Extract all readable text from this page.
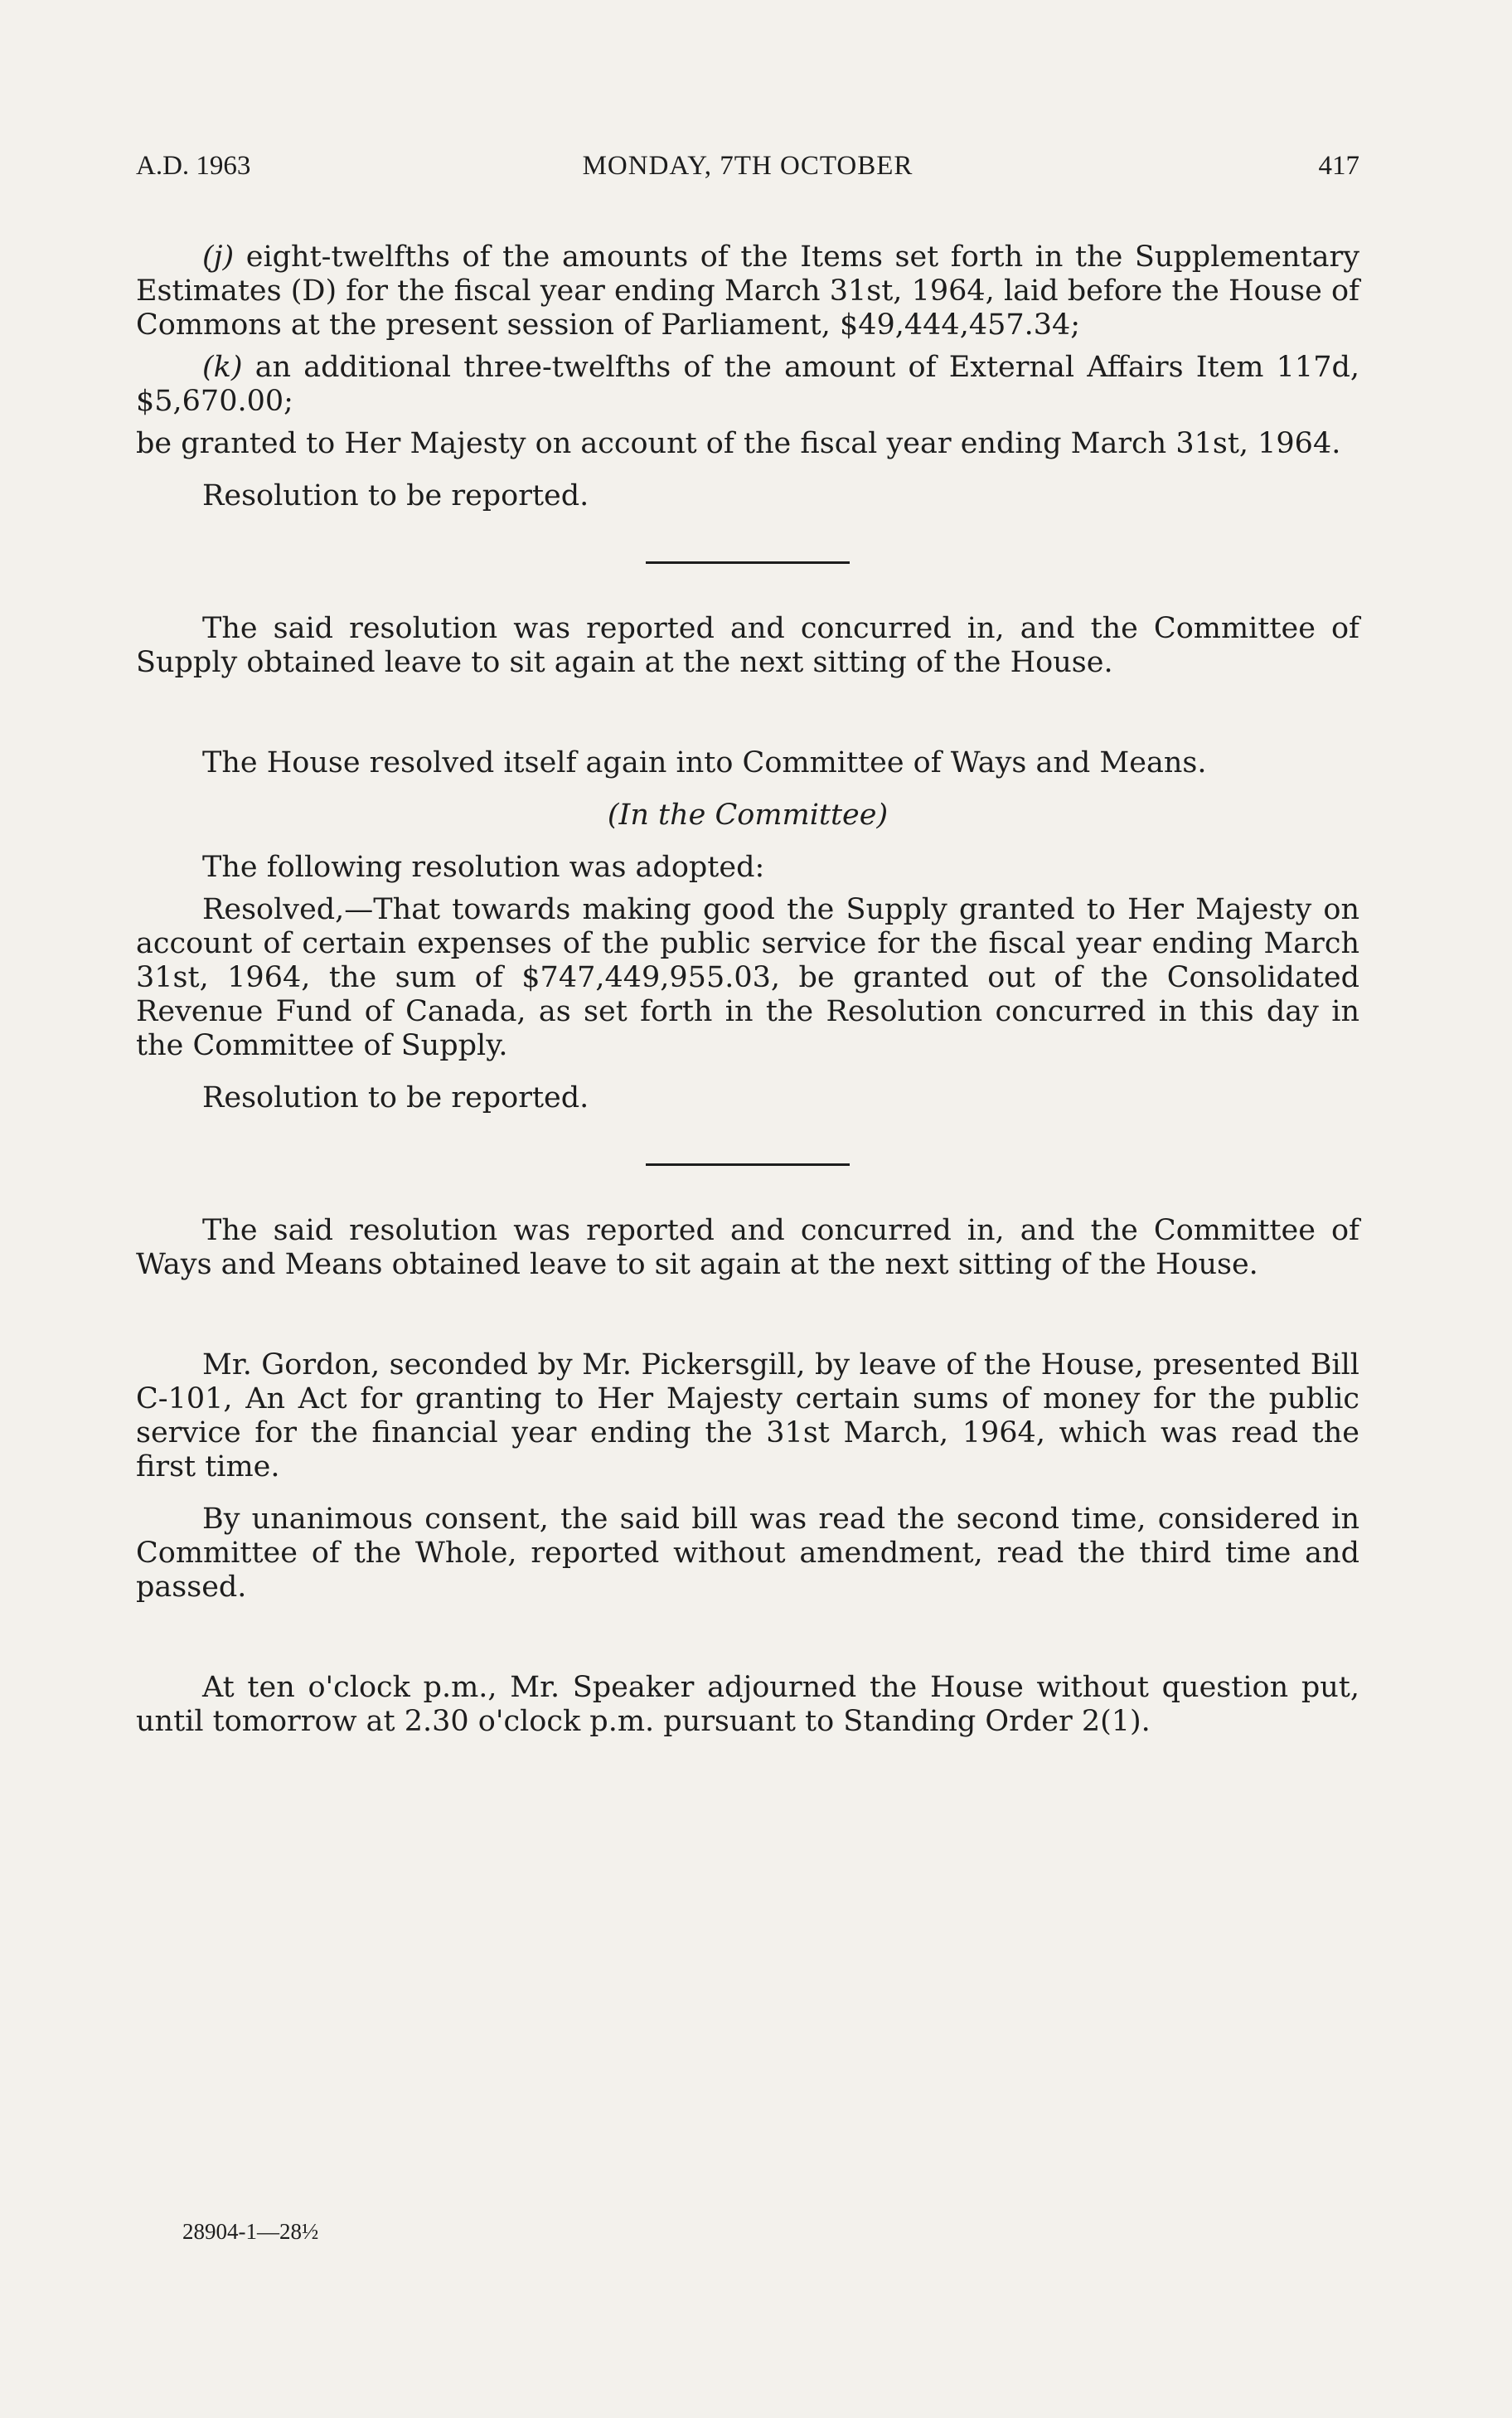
A.D. 1963	MONDAY, 7TH OCTOBER	417

(j) eight-twelfths of the amounts of the Items set forth in the Supplementary Estimates (D) for the fiscal year ending March 31st, 1964, laid before the House of Commons at the present session of Parliament, $49,444,457.34;

(k) an additional three-twelfths of the amount of External Affairs Item 117d, $5,670.00;

be granted to Her Majesty on account of the fiscal year ending March 31st, 1964.

Resolution to be reported.

The said resolution was reported and concurred in, and the Committee of Supply obtained leave to sit again at the next sitting of the House.

The House resolved itself again into Committee of Ways and Means.

(In the Committee)

The following resolution was adopted:

Resolved,—That towards making good the Supply granted to Her Majesty on account of certain expenses of the public service for the fiscal year ending March 31st, 1964, the sum of $747,449,955.03, be granted out of the Consolidated Revenue Fund of Canada, as set forth in the Resolution concurred in this day in the Committee of Supply.

Resolution to be reported.

The said resolution was reported and concurred in, and the Committee of Ways and Means obtained leave to sit again at the next sitting of the House.

Mr. Gordon, seconded by Mr. Pickersgill, by leave of the House, presented Bill C-101, An Act for granting to Her Majesty certain sums of money for the public service for the financial year ending the 31st March, 1964, which was read the first time.

By unanimous consent, the said bill was read the second time, considered in Committee of the Whole, reported without amendment, read the third time and passed.

At ten o'clock p.m., Mr. Speaker adjourned the House without question put, until tomorrow at 2.30 o'clock p.m. pursuant to Standing Order 2(1).

28904-1—28½
